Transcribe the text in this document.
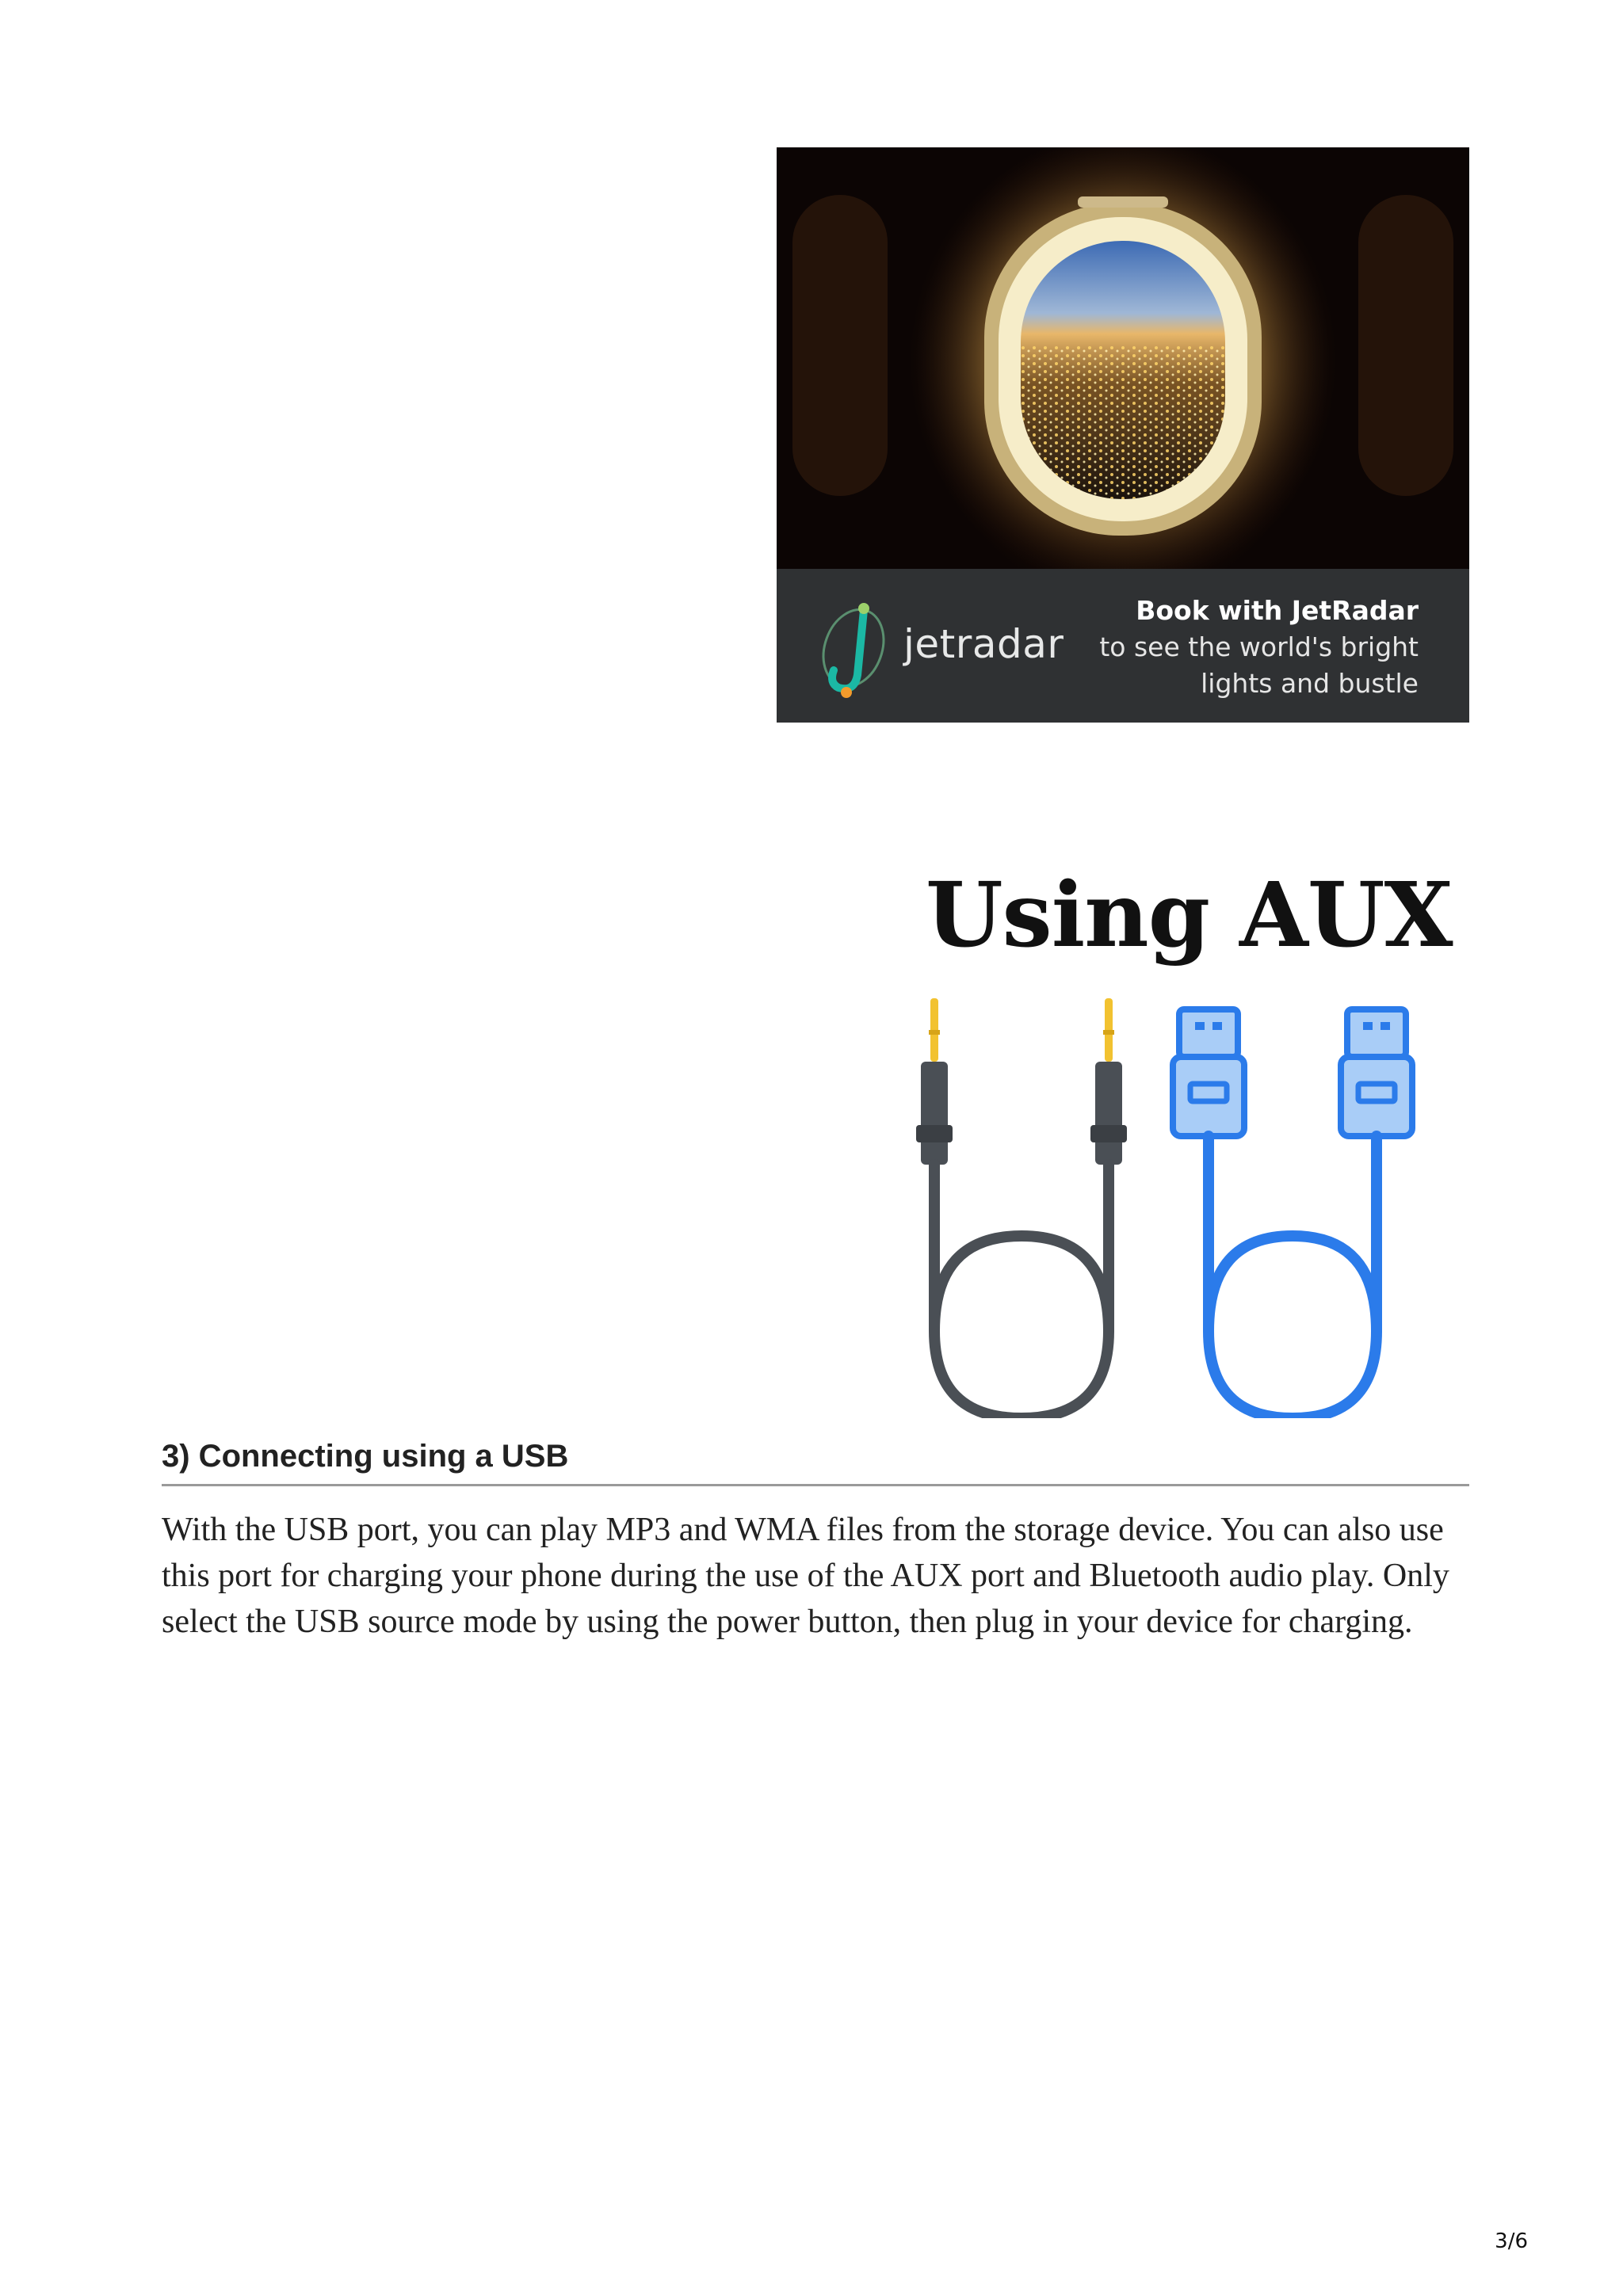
jetradar
Book with JetRadar
to see the world's bright
lights and bustle
Using AUX
3) Connecting using a USB

With the USB port, you can play MP3 and WMA files from the storage device. You can also use this port for charging your phone during the use of the AUX port and Bluetooth audio play. Only select the USB source mode by using the power button, then plug in your device for charging.

3/6
